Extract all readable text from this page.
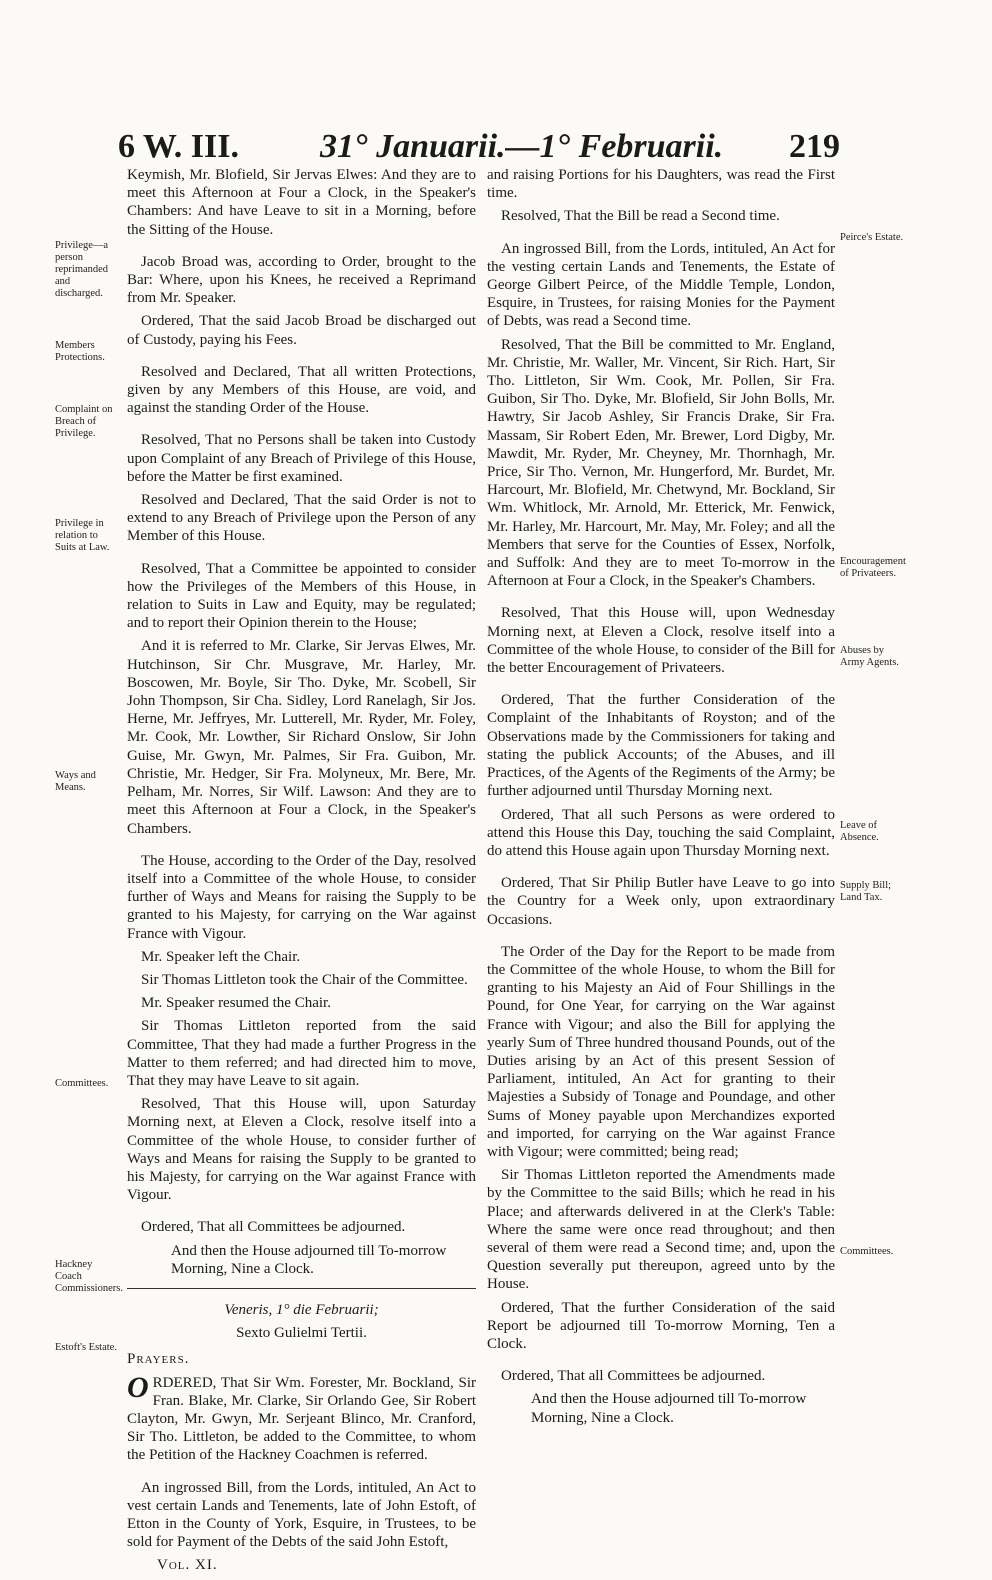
6 W. III. 31° Januarii.—1° Februarii. 219
Privilege—a person reprimanded and discharged.
Members Protections.
Complaint on Breach of Privilege.
Privilege in relation to Suits at Law.
Ways and Means.
Committees.
Hackney Coach Commissioners.
Estoft's Estate.
Peirce's Estate.
Encouragement of Privateers.
Abuses by Army Agents.
Leave of Absence.
Supply Bill; Land Tax.
Committees.

Keymish, Mr. Blofield, Sir Jervas Elwes: And they are to meet this Afternoon at Four a Clock, in the Speaker's Chambers: And have Leave to sit in a Morning, before the Sitting of the House.

Jacob Broad was, according to Order, brought to the Bar: Where, upon his Knees, he received a Reprimand from Mr. Speaker.

Ordered, That the said Jacob Broad be discharged out of Custody, paying his Fees.

Resolved and Declared, That all written Protections, given by any Members of this House, are void, and against the standing Order of the House.

Resolved, That no Persons shall be taken into Custody upon Complaint of any Breach of Privilege of this House, before the Matter be first examined.

Resolved and Declared, That the said Order is not to extend to any Breach of Privilege upon the Person of any Member of this House.

Resolved, That a Committee be appointed to consider how the Privileges of the Members of this House, in relation to Suits in Law and Equity, may be regulated; and to report their Opinion therein to the House;

And it is referred to Mr. Clarke, Sir Jervas Elwes, Mr. Hutchinson, Sir Chr. Musgrave, Mr. Harley, Mr. Boscowen, Mr. Boyle, Sir Tho. Dyke, Mr. Scobell, Sir John Thompson, Sir Cha. Sidley, Lord Ranelagh, Sir Jos. Herne, Mr. Jeffryes, Mr. Lutterell, Mr. Ryder, Mr. Foley, Mr. Cook, Mr. Lowther, Sir Richard Onslow, Sir John Guise, Mr. Gwyn, Mr. Palmes, Sir Fra. Guibon, Mr. Christie, Mr. Hedger, Sir Fra. Molyneux, Mr. Bere, Mr. Pelham, Mr. Norres, Sir Wilf. Lawson: And they are to meet this Afternoon at Four a Clock, in the Speaker's Chambers.

The House, according to the Order of the Day, resolved itself into a Committee of the whole House, to consider further of Ways and Means for raising the Supply to be granted to his Majesty, for carrying on the War against France with Vigour.

Mr. Speaker left the Chair.

Sir Thomas Littleton took the Chair of the Committee.

Mr. Speaker resumed the Chair.

Sir Thomas Littleton reported from the said Committee, That they had made a further Progress in the Matter to them referred; and had directed him to move, That they may have Leave to sit again.

Resolved, That this House will, upon Saturday Morning next, at Eleven a Clock, resolve itself into a Committee of the whole House, to consider further of Ways and Means for raising the Supply to be granted to his Majesty, for carrying on the War against France with Vigour.

Ordered, That all Committees be adjourned.

And then the House adjourned till To-morrow Morning, Nine a Clock.

Veneris, 1° die Februarii;

Sexto Gulielmi Tertii.

Prayers.

ORDERED, That Sir Wm. Forester, Mr. Bockland, Sir Fran. Blake, Mr. Clarke, Sir Orlando Gee, Sir Robert Clayton, Mr. Gwyn, Mr. Serjeant Blinco, Mr. Cranford, Sir Tho. Littleton, be added to the Committee, to whom the Petition of the Hackney Coachmen is referred.

An ingrossed Bill, from the Lords, intituled, An Act to vest certain Lands and Tenements, late of John Estoft, of Etton in the County of York, Esquire, in Trustees, to be sold for Payment of the Debts of the said John Estoft,

Vol. XI.

and raising Portions for his Daughters, was read the First time.

Resolved, That the Bill be read a Second time.

An ingrossed Bill, from the Lords, intituled, An Act for the vesting certain Lands and Tenements, the Estate of George Gilbert Peirce, of the Middle Temple, London, Esquire, in Trustees, for raising Monies for the Payment of Debts, was read a Second time.

Resolved, That the Bill be committed to Mr. England, Mr. Christie, Mr. Waller, Mr. Vincent, Sir Rich. Hart, Sir Tho. Littleton, Sir Wm. Cook, Mr. Pollen, Sir Fra. Guibon, Sir Tho. Dyke, Mr. Blofield, Sir John Bolls, Mr. Hawtry, Sir Jacob Ashley, Sir Francis Drake, Sir Fra. Massam, Sir Robert Eden, Mr. Brewer, Lord Digby, Mr. Mawdit, Mr. Ryder, Mr. Cheyney, Mr. Thornhagh, Mr. Price, Sir Tho. Vernon, Mr. Hungerford, Mr. Burdet, Mr. Harcourt, Mr. Blofield, Mr. Chetwynd, Mr. Bockland, Sir Wm. Whitlock, Mr. Arnold, Mr. Etterick, Mr. Fenwick, Mr. Harley, Mr. Harcourt, Mr. May, Mr. Foley; and all the Members that serve for the Counties of Essex, Norfolk, and Suffolk: And they are to meet To-morrow in the Afternoon at Four a Clock, in the Speaker's Chambers.

Resolved, That this House will, upon Wednesday Morning next, at Eleven a Clock, resolve itself into a Committee of the whole House, to consider of the Bill for the better Encouragement of Privateers.

Ordered, That the further Consideration of the Complaint of the Inhabitants of Royston; and of the Observations made by the Commissioners for taking and stating the publick Accounts; of the Abuses, and ill Practices, of the Agents of the Regiments of the Army; be further adjourned until Thursday Morning next.

Ordered, That all such Persons as were ordered to attend this House this Day, touching the said Complaint, do attend this House again upon Thursday Morning next.

Ordered, That Sir Philip Butler have Leave to go into the Country for a Week only, upon extraordinary Occasions.

The Order of the Day for the Report to be made from the Committee of the whole House, to whom the Bill for granting to his Majesty an Aid of Four Shillings in the Pound, for One Year, for carrying on the War against France with Vigour; and also the Bill for applying the yearly Sum of Three hundred thousand Pounds, out of the Duties arising by an Act of this present Session of Parliament, intituled, An Act for granting to their Majesties a Subsidy of Tonage and Poundage, and other Sums of Money payable upon Merchandizes exported and imported, for carrying on the War against France with Vigour; were committed; being read;

Sir Thomas Littleton reported the Amendments made by the Committee to the said Bills; which he read in his Place; and afterwards delivered in at the Clerk's Table: Where the same were once read throughout; and then several of them were read a Second time; and, upon the Question severally put thereupon, agreed unto by the House.

Ordered, That the further Consideration of the said Report be adjourned till To-morrow Morning, Ten a Clock.

Ordered, That all Committees be adjourned.

And then the House adjourned till To-morrow Morning, Nine a Clock.
